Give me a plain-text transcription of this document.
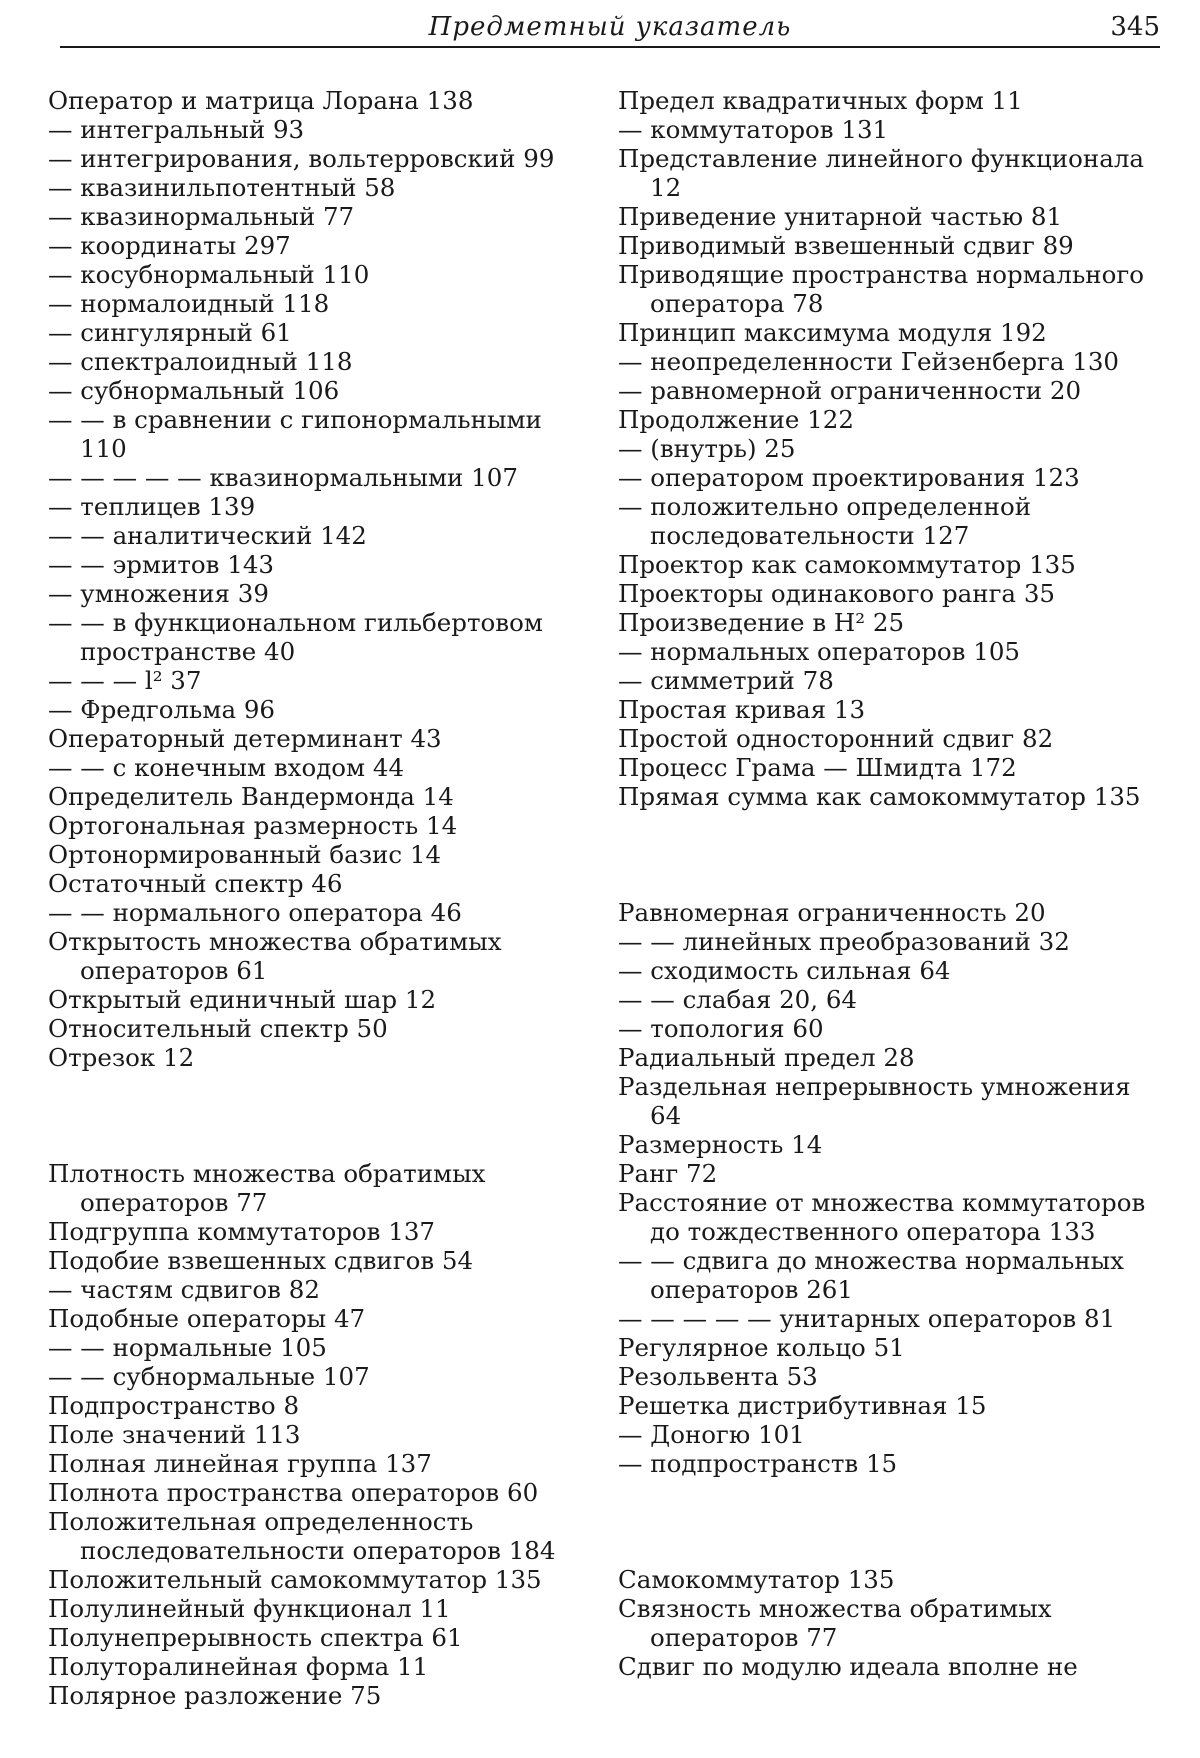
Предметный указатель	345
Оператор и матрица Лорана 138
— интегральный 93
— интегрирования, вольтерровский 99
— квазинильпотентный 58
— квазинормальный 77
— координаты 297
— косубнормальный 110
— нормалоидный 118
— сингулярный 61
— спектралоидный 118
— субнормальный 106
— — в сравнении с гипонормальными 110
— — — — — квазинормальными 107
— теплицев 139
— — аналитический 142
— — эрмитов 143
— умножения 39
— — в функциональном гильбертовом пространстве 40
— — — l² 37
— Фредгольма 96
Операторный детерминант 43
— — с конечным входом 44
Определитель Вандермонда 14
Ортогональная размерность 14
Ортонормированный базис 14
Остаточный спектр 46
— — нормального оператора 46
Открытость множества обратимых операторов 61
Открытый единичный шар 12
Относительный спектр 50
Отрезок 12
Плотность множества обратимых операторов 77
Подгруппа коммутаторов 137
Подобие взвешенных сдвигов 54
— частям сдвигов 82
Подобные операторы 47
— — нормальные 105
— — субнормальные 107
Подпространство 8
Поле значений 113
Полная линейная группа 137
Полнота пространства операторов 60
Положительная определенность последовательности операторов 184
Положительный самокоммутатор 135
Полулинейный функционал 11
Полунепрерывность спектра 61
Полуторалинейная форма 11
Полярное разложение 75
Предел квадратичных форм 11
— коммутаторов 131
Представление линейного функционала 12
Приведение унитарной частью 81
Приводимый взвешенный сдвиг 89
Приводящие пространства нормального оператора 78
Принцип максимума модуля 192
— неопределенности Гейзенберга 130
— равномерной ограниченности 20
Продолжение 122
— (внутрь) 25
— оператором проектирования 123
— положительно определенной последовательности 127
Проектор как самокоммутатор 135
Проекторы одинакового ранга 35
Произведение в H² 25
— нормальных операторов 105
— симметрий 78
Простая кривая 13
Простой односторонний сдвиг 82
Процесс Грама — Шмидта 172
Прямая сумма как самокоммутатор 135
Равномерная ограниченность 20
— — линейных преобразований 32
— сходимость сильная 64
— — слабая 20, 64
— топология 60
Радиальный предел 28
Раздельная непрерывность умножения 64
Размерность 14
Ранг 72
Расстояние от множества коммутаторов до тождественного оператора 133
— — сдвига до множества нормальных операторов 261
— — — — — унитарных операторов 81
Регулярное кольцо 51
Резольвента 53
Решетка дистрибутивная 15
— Доногю 101
— подпространств 15
Самокоммутатор 135
Связность множества обратимых операторов 77
Сдвиг по модулю идеала вполне не
